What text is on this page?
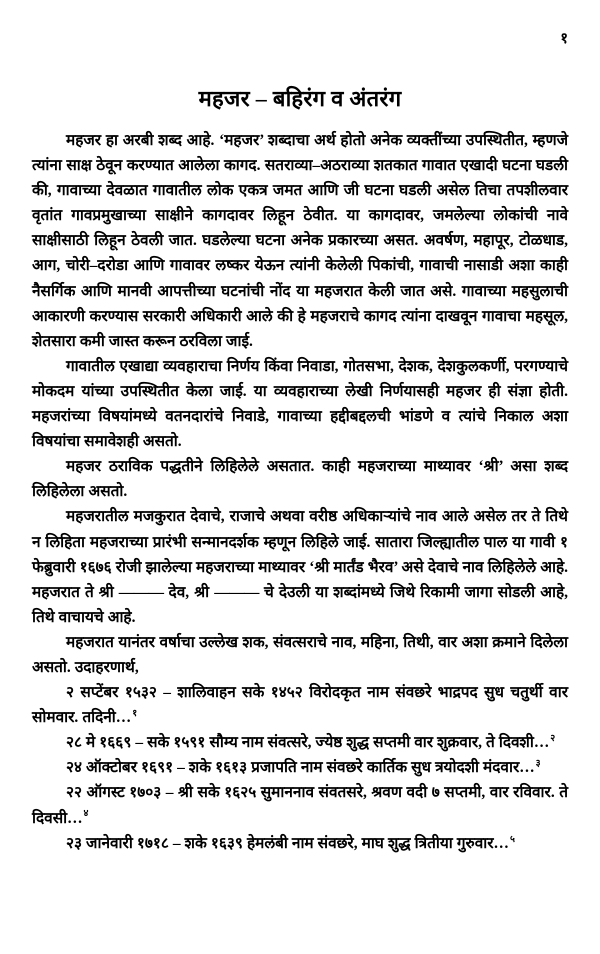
१
महजर – बहिरंग व अंतरंग

महजर हा अरबी शब्द आहे. ‘महजर’ शब्दाचा अर्थ होतो अनेक व्यक्तींच्या उपस्थितीत, म्हणजे त्यांना साक्ष ठेवून करण्यात आलेला कागद. सतराव्या–अठराव्या शतकात गावात एखादी घटना घडली की, गावाच्या देवळात गावातील लोक एकत्र जमत आणि जी घटना घडली असेल तिचा तपशीलवार वृतांत गावप्रमुखाच्या साक्षीने कागदावर लिहून ठेवीत. या कागदावर, जमलेल्या लोकांची नावे साक्षीसाठी लिहून ठेवली जात. घडलेल्या घटना अनेक प्रकारच्या असत. अवर्षण, महापूर, टोळधाड, आग, चोरी–दरोडा आणि गावावर लष्कर येऊन त्यांनी केलेली पिकांची, गावाची नासाडी अशा काही नैसर्गिक आणि मानवी आपत्तीच्या घटनांची नोंद या महजरात केली जात असे. गावाच्या महसुलाची आकारणी करण्यास सरकारी अधिकारी आले की हे महजराचे कागद त्यांना दाखवून गावाचा महसूल, शेतसारा कमी जास्त करून ठरविला जाई.

गावातील एखाद्या व्यवहाराचा निर्णय किंवा निवाडा, गोतसभा, देशक, देशकुलकर्णी, परगण्याचे मोकदम यांच्या उपस्थितीत केला जाई. या व्यवहाराच्या लेखी निर्णयासही महजर ही संज्ञा होती. महजरांच्या विषयांमध्ये वतनदारांचे निवाडे, गावाच्या हद्दीबद्दलची भांडणे व त्यांचे निकाल अशा विषयांचा समावेशही असतो.

महजर ठराविक पद्धतीने लिहिलेले असतात. काही महजराच्या माथ्यावर ‘श्री’ असा शब्द लिहिलेला असतो.

महजरातील मजकुरात देवाचे, राजाचे अथवा वरीष्ठ अधिकाऱ्यांचे नाव आले असेल तर ते तिथे न लिहिता महजराच्या प्रारंभी सन्मानदर्शक म्हणून लिहिले जाई. सातारा जिल्ह्यातील पाल या गावी १ फेब्रुवारी १६७६ रोजी झालेल्या महजराच्या माथ्यावर ‘श्री मार्तंड भैरव’ असे देवाचे नाव लिहिलेले आहे. महजरात ते श्री ——— देव, श्री ——— चे देउली या शब्दांमध्ये जिथे रिकामी जागा सोडली आहे, तिथे वाचायचे आहे.

महजरात यानंतर वर्षाचा उल्लेख शक, संवत्सराचे नाव, महिना, तिथी, वार अशा क्रमाने दिलेला असतो. उदाहरणार्थ,

२ सप्टेंबर १५३२ – शालिवाहन सके १४५२ विरोदकृत नाम संवछरे भाद्रपद सुध चतुर्थी वार सोमवार. तदिनी…$^१$

२८ मे १६६९ – सके १५९१ सौम्य नाम संवत्सरे, ज्येष्ठ शुद्ध सप्तमी वार शुक्रवार, ते दिवशी…$^२$

२४ ऑक्टोबर १६९१ – शके १६१३ प्रजापति नाम संवछरे कार्तिक सुध त्रयोदशी मंदवार…$^३$

२२ ऑगस्ट १७०३ – श्री सके १६२५ सुमाननाव संवतसरे, श्रवण वदी ७ सप्तमी, वार रविवार. ते दिवसी…$^४$

२३ जानेवारी १७१८ – शके १६३९ हेमलंबी नाम संवछरे, माघ शुद्ध त्रितीया गुरुवार…$^५$
